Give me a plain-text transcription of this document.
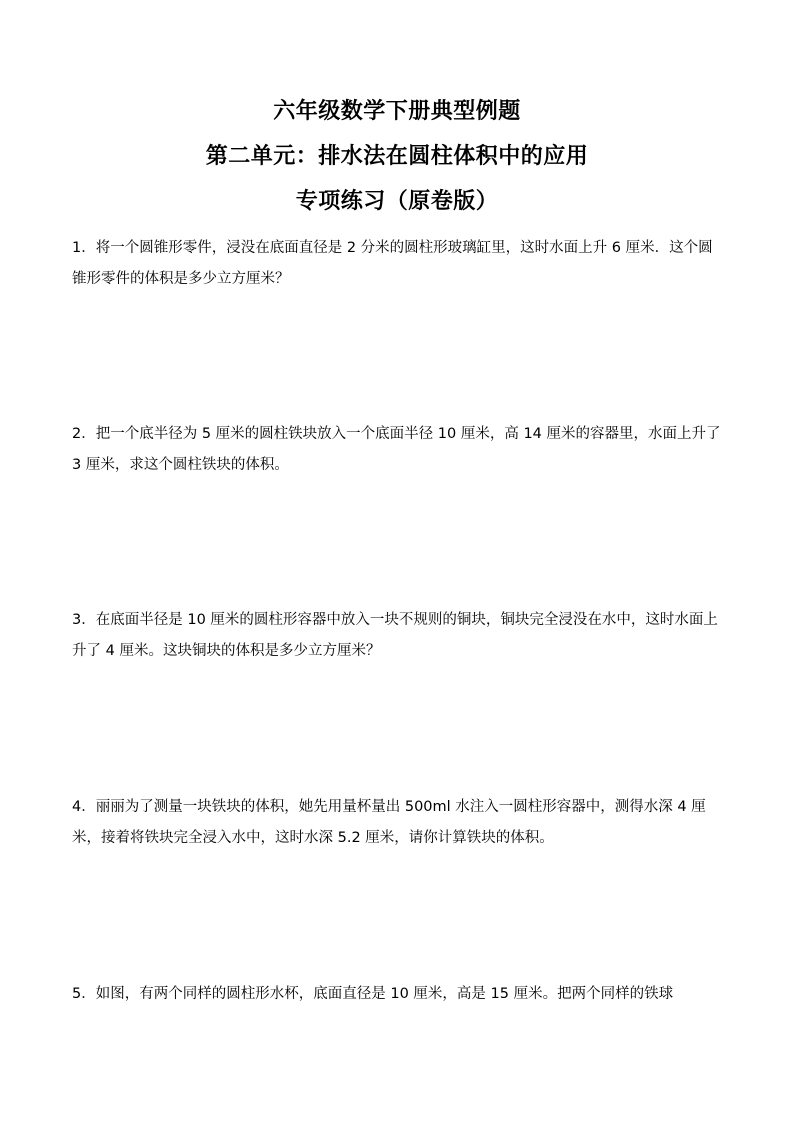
六年级数学下册典型例题
第二单元：排水法在圆柱体积中的应用
专项练习（原卷版）
1．将一个圆锥形零件，浸没在底面直径是 2 分米的圆柱形玻璃缸里，这时水面上升 6 厘米．这个圆锥形零件的体积是多少立方厘米？
2．把一个底半径为 5 厘米的圆柱铁块放入一个底面半径 10 厘米，高 14 厘米的容器里，水面上升了 3 厘米，求这个圆柱铁块的体积。
3．在底面半径是 10 厘米的圆柱形容器中放入一块不规则的铜块，铜块完全浸没在水中，这时水面上升了 4 厘米。这块铜块的体积是多少立方厘米？
4．丽丽为了测量一块铁块的体积，她先用量杯量出 500ml 水注入一圆柱形容器中，测得水深 4 厘米，接着将铁块完全浸入水中，这时水深 5.2 厘米，请你计算铁块的体积。
5．如图，有两个同样的圆柱形水杯，底面直径是 10 厘米，高是 15 厘米。把两个同样的铁球
